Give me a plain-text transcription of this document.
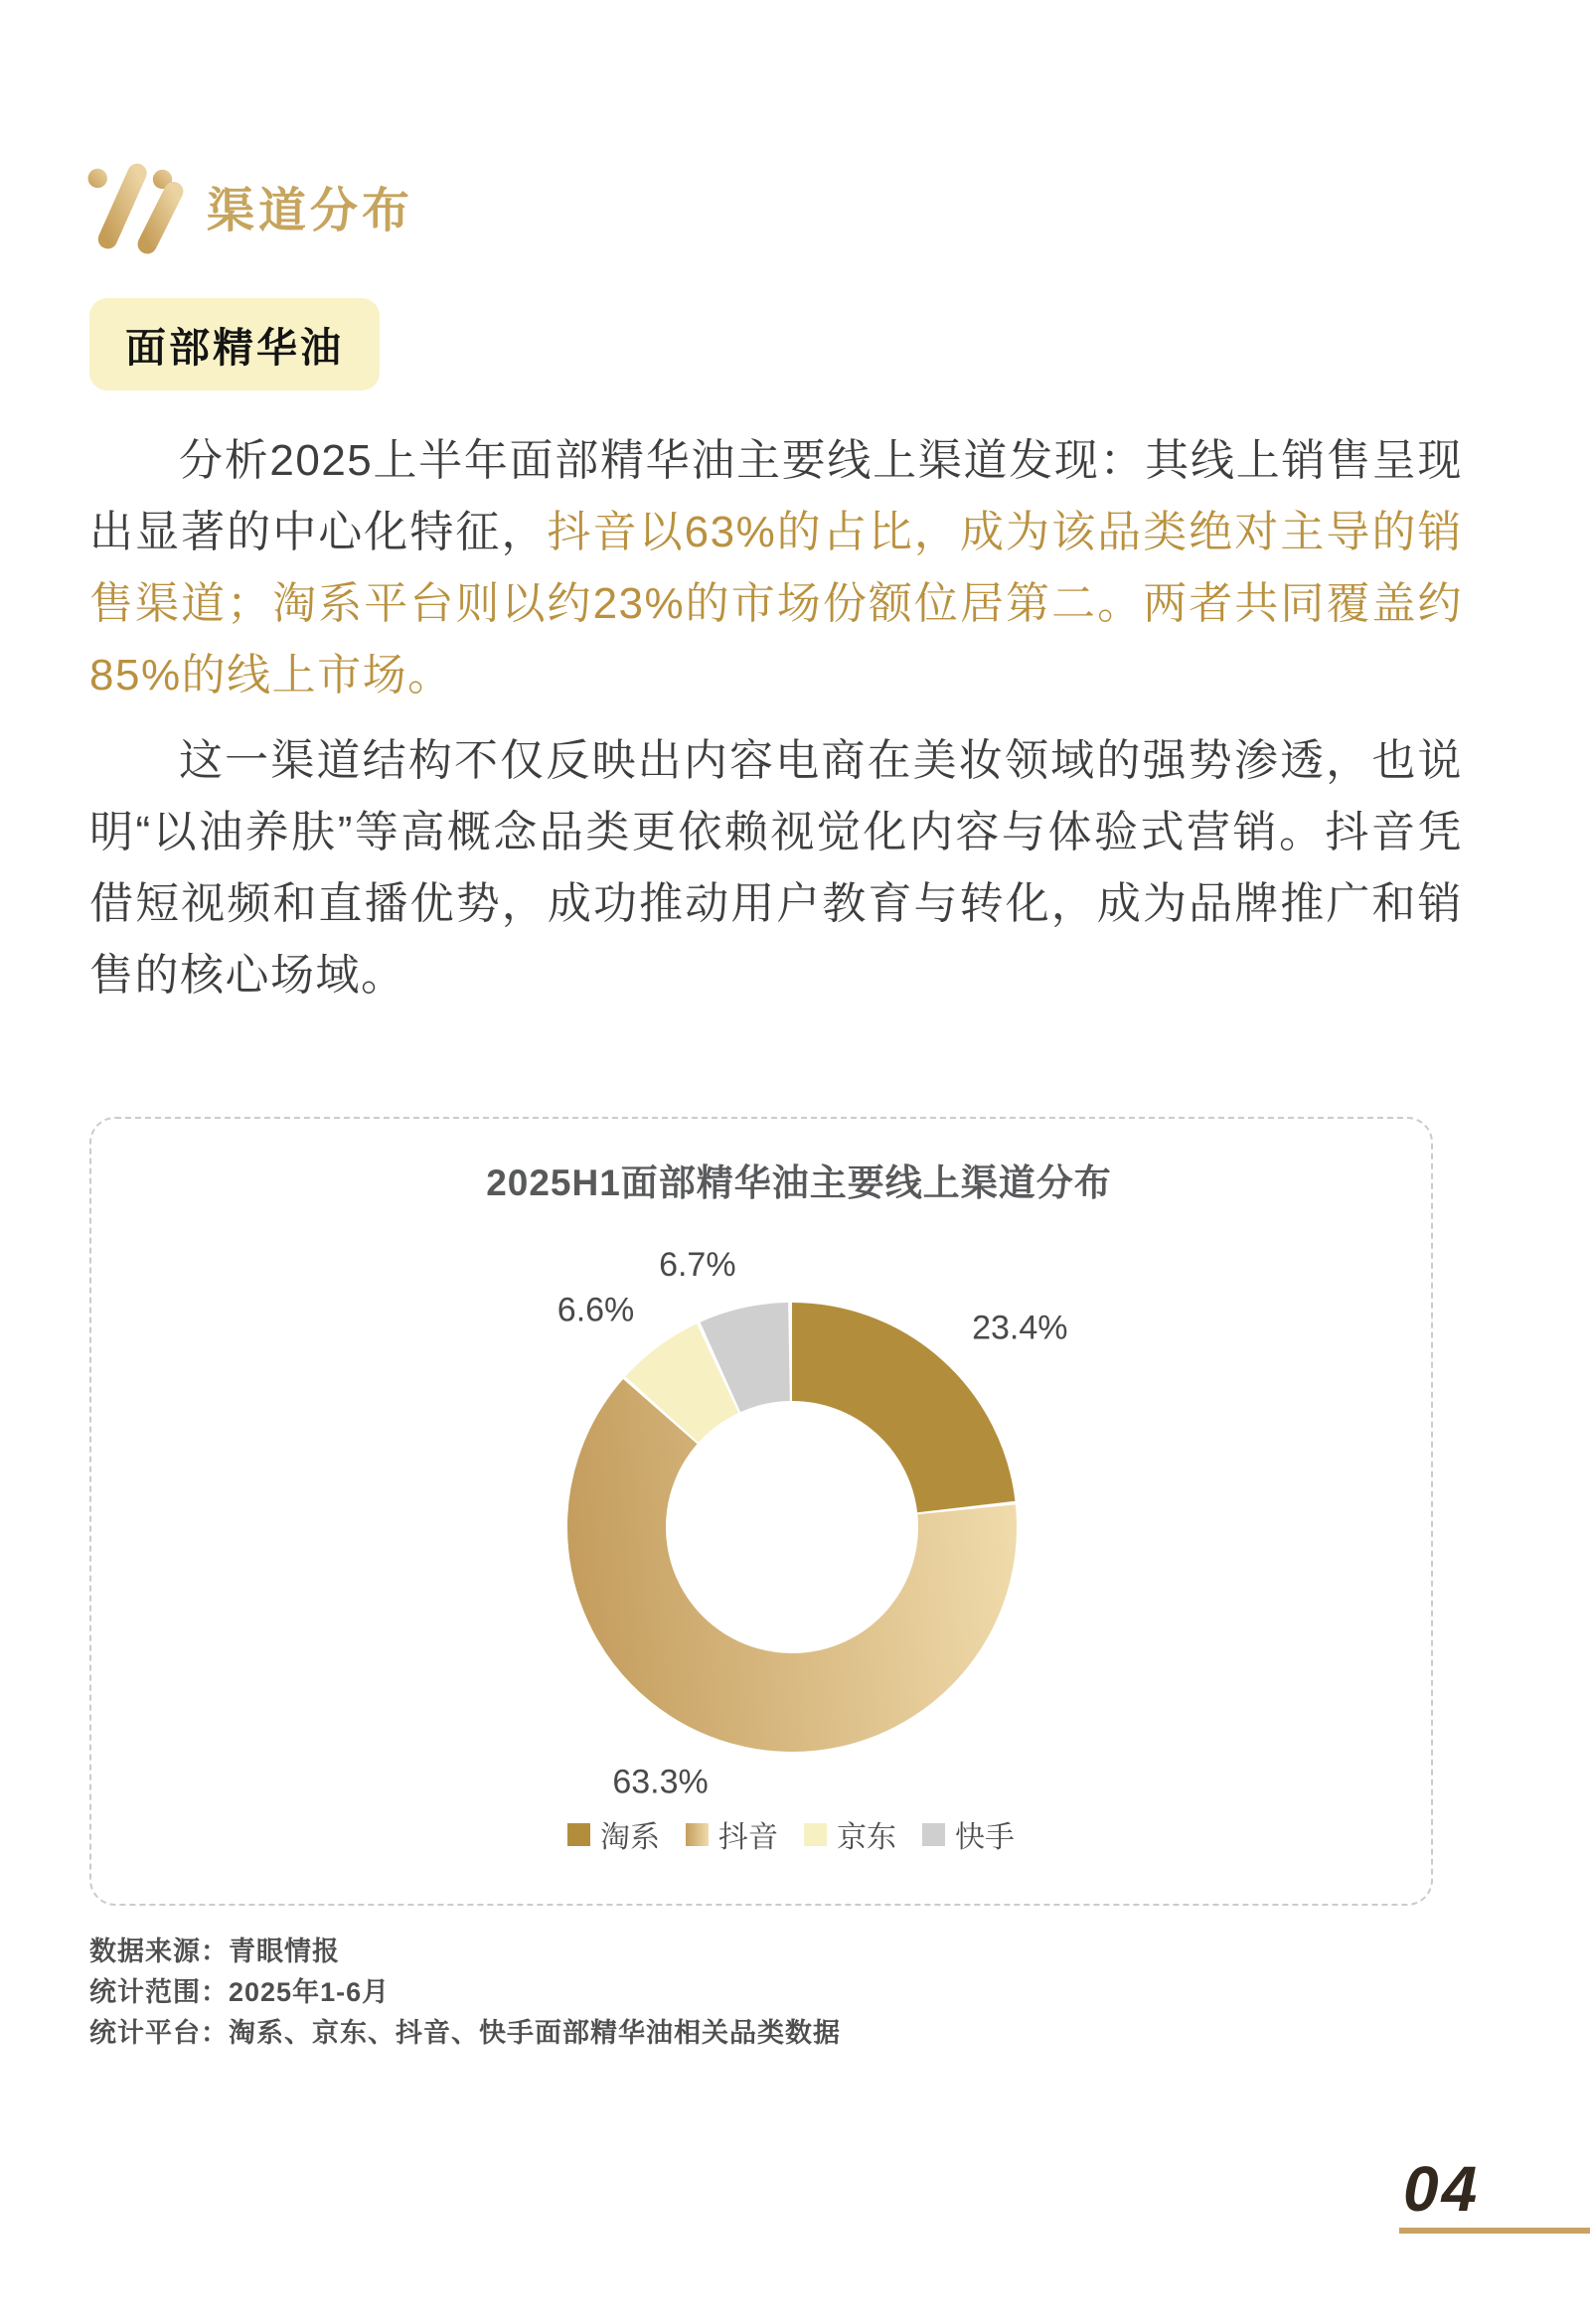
渠道分布
面部精华油

分析2025上半年面部精华油主要线上渠道发现：其线上销售呈现出显著的中心化特征，抖音以63%的占比，成为该品类绝对主导的销售渠道；淘系平台则以约23%的市场份额位居第二。两者共同覆盖约85%的线上市场。

这一渠道结构不仅反映出内容电商在美妆领域的强势渗透，也说明“以油养肤”等高概念品类更依赖视觉化内容与体验式营销。抖音凭借短视频和直播优势，成功推动用户教育与转化，成为品牌推广和销售的核心场域。

2025H1面部精华油主要线上渠道分布
23.4%
63.3%
6.6%
6.7%
淘系 抖音 京东 快手
数据来源：青眼情报
统计范围：2025年1-6月
统计平台：淘系、京东、抖音、快手面部精华油相关品类数据
04
